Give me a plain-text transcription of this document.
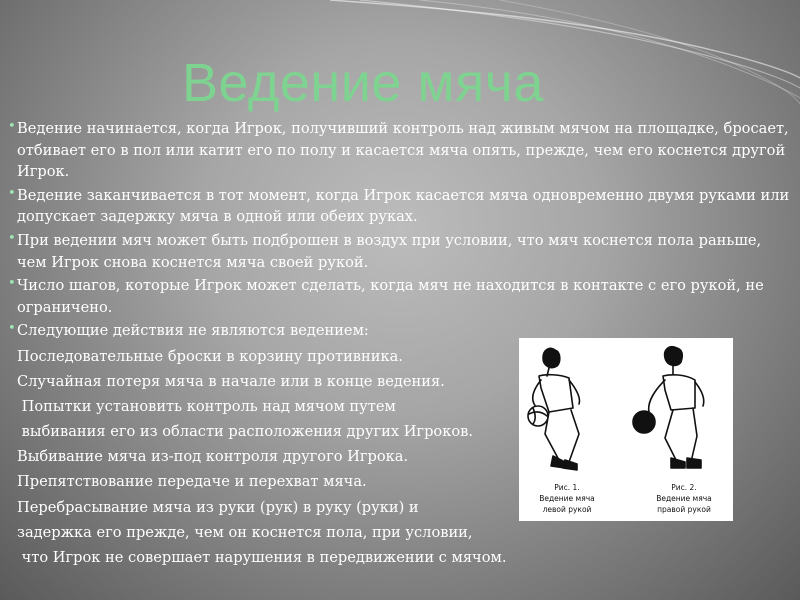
Ведение мяча

• Ведение начинается, когда Игрок, получивший контроль над живым мячом на площадке, бросает, отбивает его в пол или катит его по полу и касается мяча опять, прежде, чем его коснется другой Игрок.

• Ведение заканчивается в тот момент, когда Игрок касается мяча одновременно двумя руками или допускает задержку мяча в одной или обеих руках.

• При ведении мяч может быть подброшен в воздух при условии, что мяч коснется пола раньше, чем Игрок снова коснется мяча своей рукой.

• Число шагов, которые Игрок может сделать, когда мяч не находится в контакте с его рукой, не ограничено.

• Следующие действия не являются ведением:

Последовательные броски в корзину противника.

Случайная потеря мяча в начале или в конце ведения.

Попытки установить контроль над мячом путем

выбивания его из области расположения других Игроков.

Выбивание мяча из-под контроля другого Игрока.

Препятствование передаче и перехват мяча.

Перебрасывание мяча из руки (рук) в руку (руки) и

задержка его прежде, чем он коснется пола, при условии,

что Игрок не совершает нарушения в передвижении с мячом.

Рис. 1.
Ведение мяча
левой рукой
Рис. 2.
Ведение мяча
правой рукой
